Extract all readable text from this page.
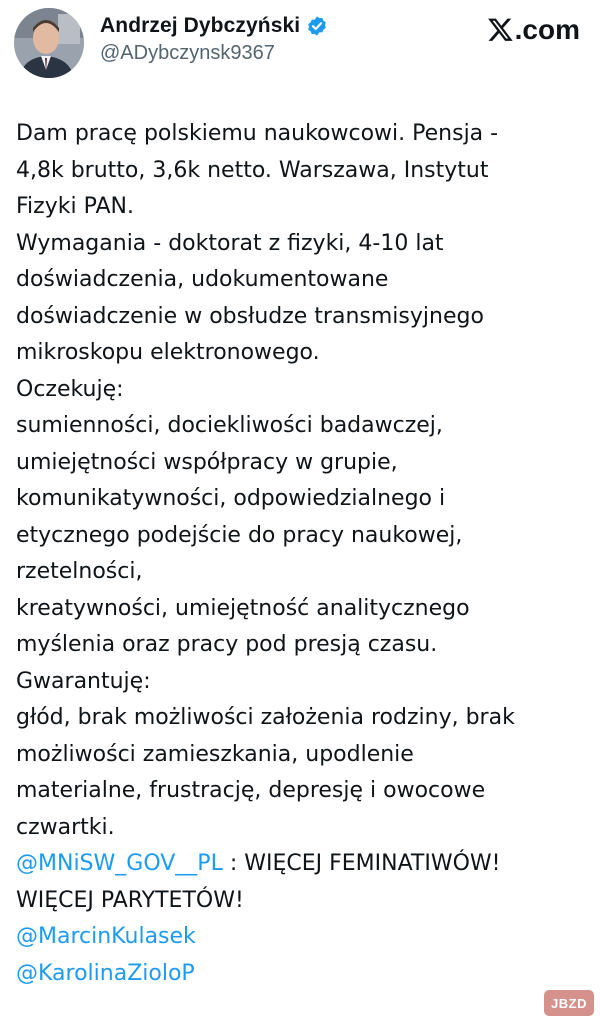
Andrzej Dybczyński
@ADybczynsk9367
.com
Dam pracę polskiemu naukowcowi. Pensja -
4,8k brutto, 3,6k netto. Warszawa, Instytut
Fizyki PAN.
Wymagania - doktorat z fizyki, 4-10 lat
doświadczenia, udokumentowane
doświadczenie w obsłudze transmisyjnego
mikroskopu elektronowego.
Oczekuję:
sumienności, dociekliwości badawczej,
umiejętności współpracy w grupie,
komunikatywności, odpowiedzialnego i
etycznego podejście do pracy naukowej,
rzetelności,
kreatywności, umiejętność analitycznego
myślenia oraz pracy pod presją czasu.
Gwarantuję:
głód, brak możliwości założenia rodziny, brak
możliwości zamieszkania, upodlenie
materialne, frustrację, depresję i owocowe
czwartki.
@MNiSW_GOV__PL : WIĘCEJ FEMINATIWÓW!
WIĘCEJ PARYTETÓW!
@MarcinKulasek
@KarolinaZioloP
JBZD
